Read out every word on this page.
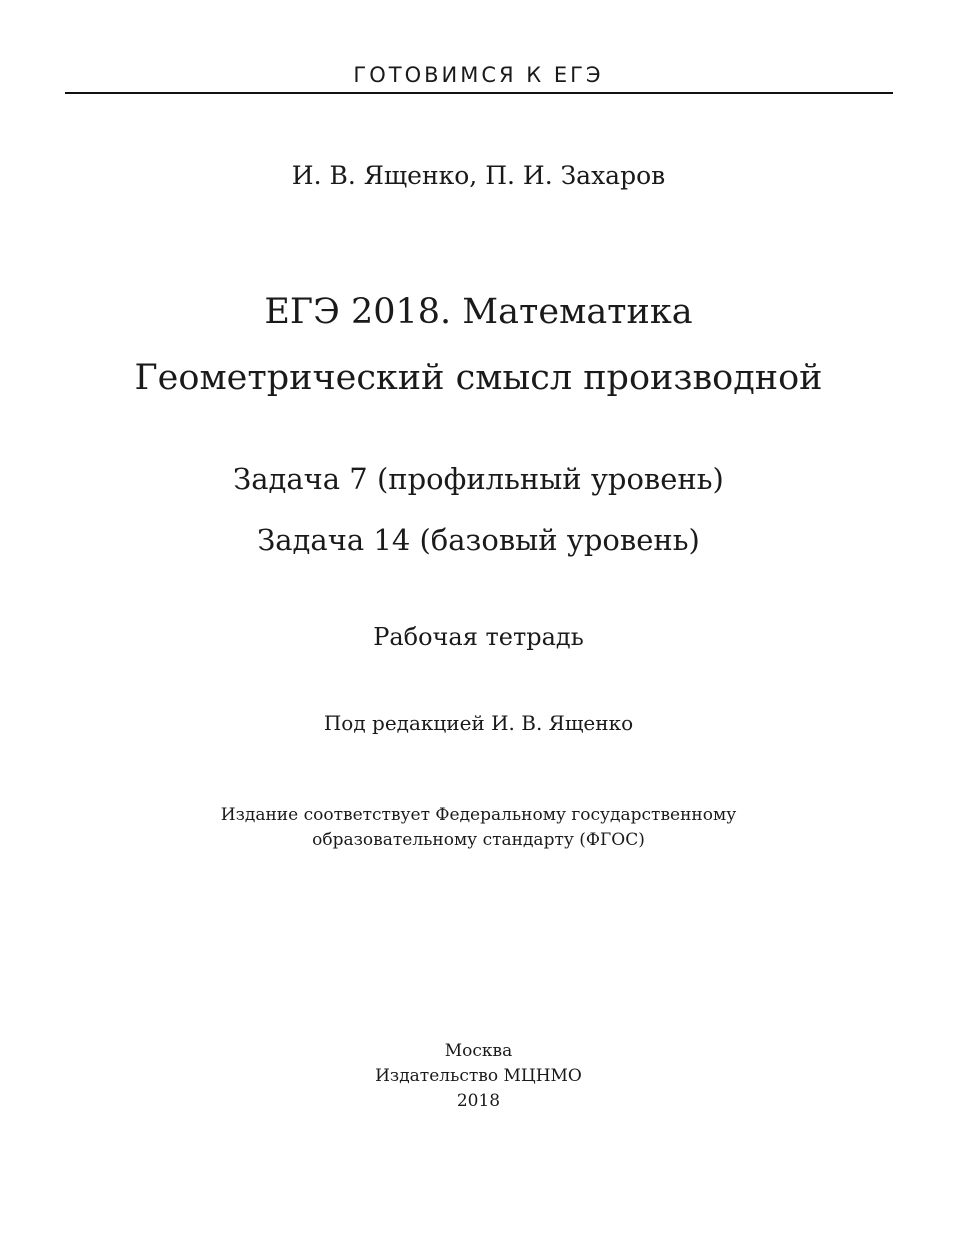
ГОТОВИМСЯ К ЕГЭ
И. В. Ященко, П. И. Захаров
ЕГЭ 2018. Математика
Геометрический смысл производной
Задача 7 (профильный уровень)
Задача 14 (базовый уровень)
Рабочая тетрадь
Под редакцией И. В. Ященко
Издание соответствует Федеральному государственному
образовательному стандарту (ФГОС)
Москва
Издательство МЦНМО
2018
